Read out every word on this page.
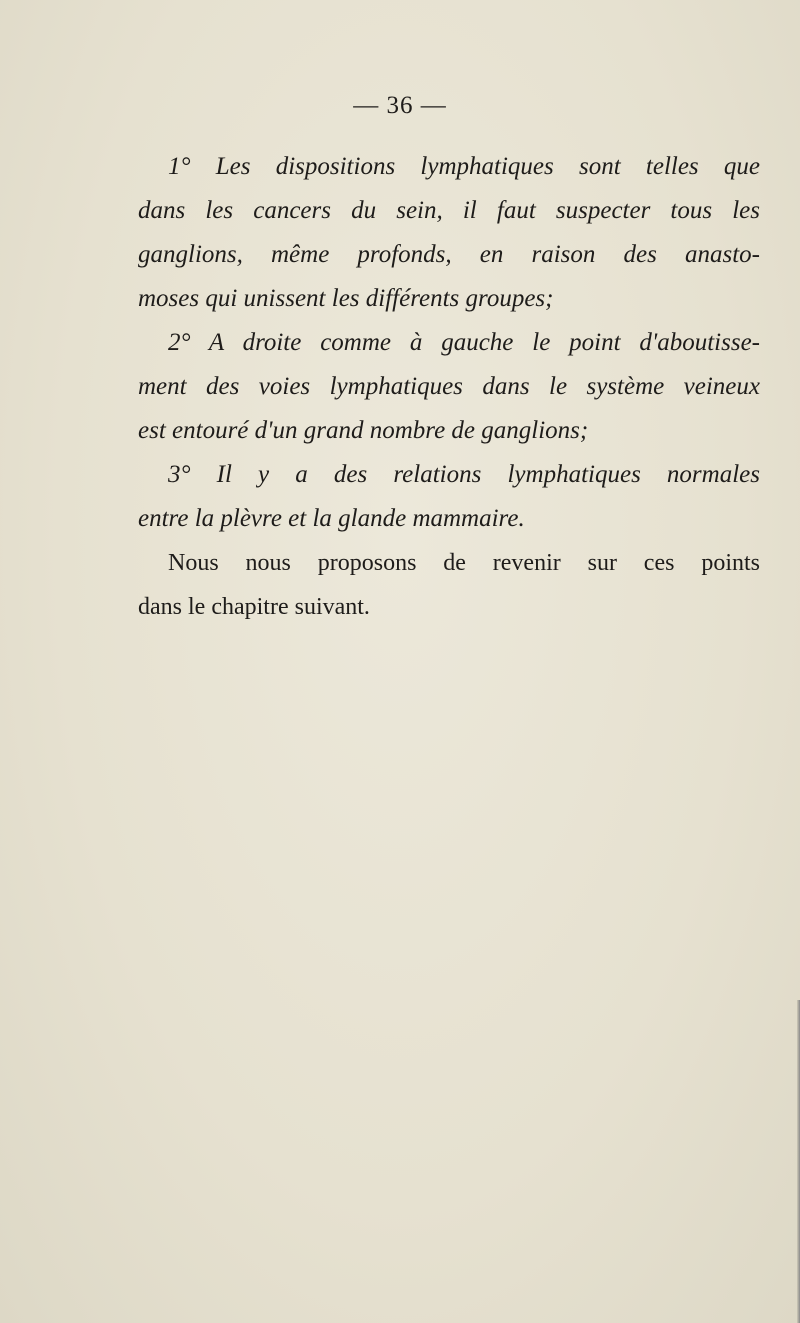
— 36 —
1° Les dispositions lymphatiques sont telles que
dans les cancers du sein, il faut suspecter tous les
ganglions, même profonds, en raison des anasto-
moses qui unissent les différents groupes;
2° A droite comme à gauche le point d'aboutisse-
ment des voies lymphatiques dans le système veineux
est entouré d'un grand nombre de ganglions;
3° Il y a des relations lymphatiques normales
entre la plèvre et la glande mammaire.
Nous nous proposons de revenir sur ces points
dans le chapitre suivant.
